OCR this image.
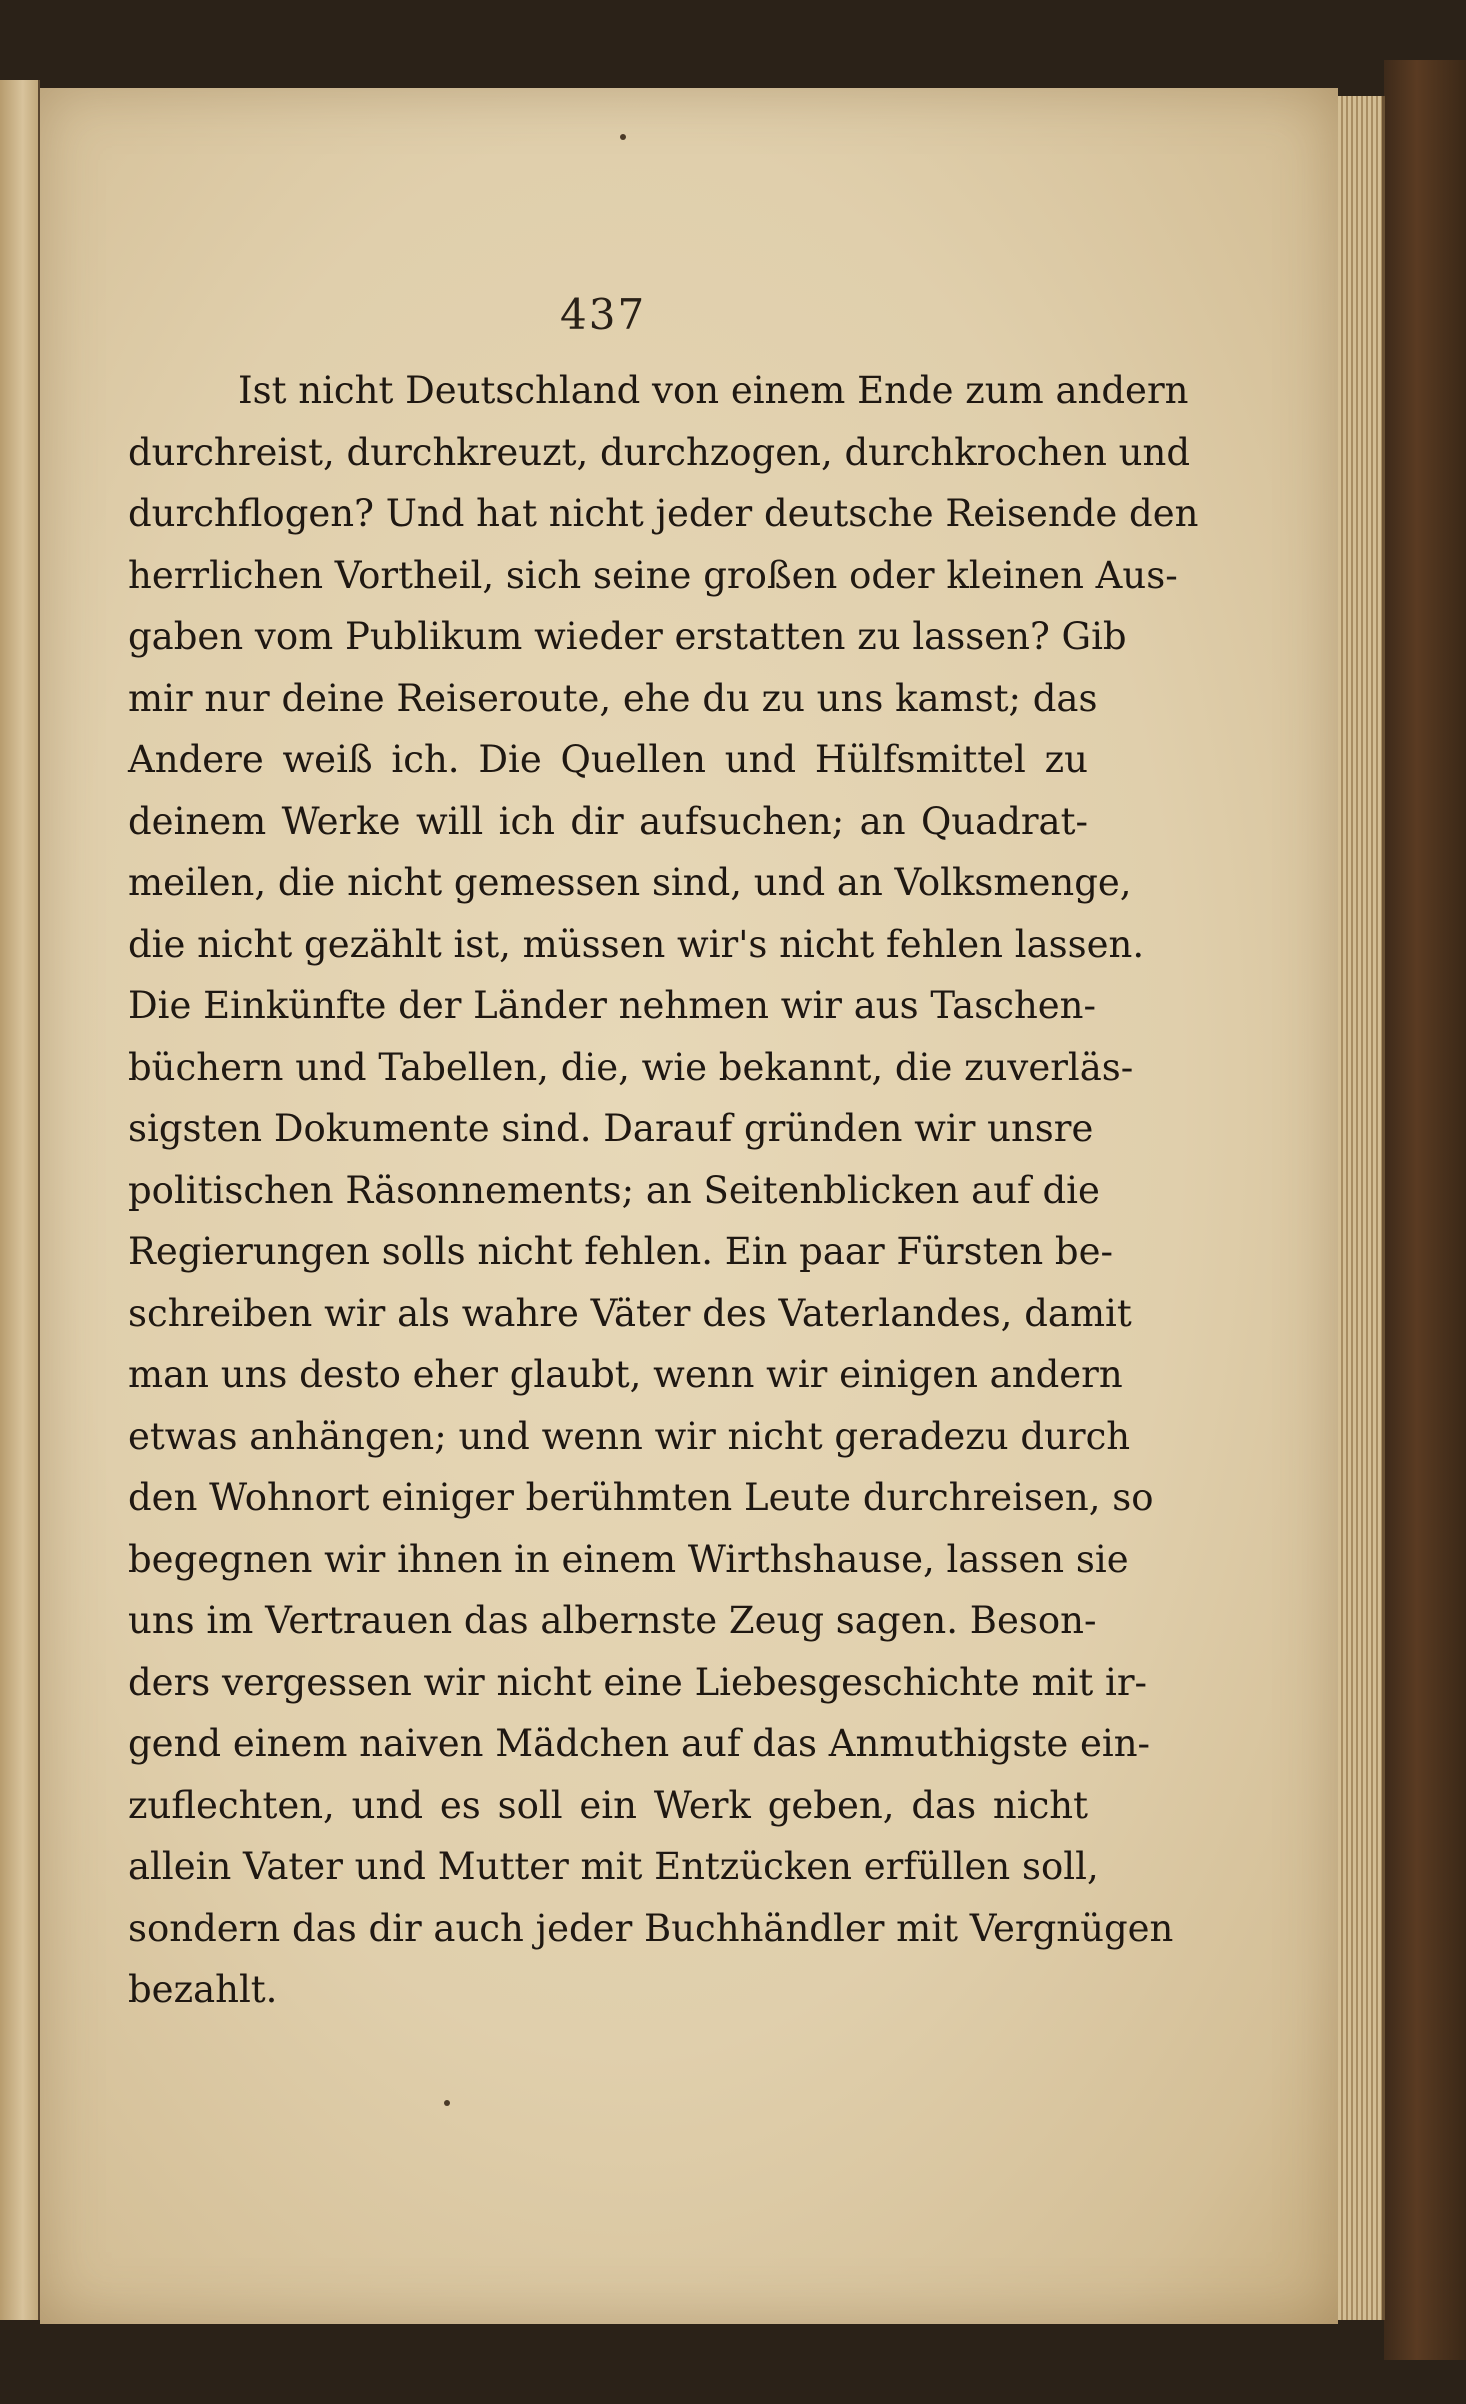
437
Ist nicht Deutschland von einem Ende zum andern
durchreist, durchkreuzt, durchzogen, durchkrochen und
durchflogen? Und hat nicht jeder deutsche Reisende den
herrlichen Vortheil, sich seine großen oder kleinen Aus-
gaben vom Publikum wieder erstatten zu lassen? Gib
mir nur deine Reiseroute, ehe du zu uns kamst; das
Andere weiß ich. Die Quellen und Hülfsmittel zu
deinem Werke will ich dir aufsuchen; an Quadrat-
meilen, die nicht gemessen sind, und an Volksmenge,
die nicht gezählt ist, müssen wir's nicht fehlen lassen.
Die Einkünfte der Länder nehmen wir aus Taschen-
büchern und Tabellen, die, wie bekannt, die zuverläs-
sigsten Dokumente sind. Darauf gründen wir unsre
politischen Räsonnements; an Seitenblicken auf die
Regierungen solls nicht fehlen. Ein paar Fürsten be-
schreiben wir als wahre Väter des Vaterlandes, damit
man uns desto eher glaubt, wenn wir einigen andern
etwas anhängen; und wenn wir nicht geradezu durch
den Wohnort einiger berühmten Leute durchreisen, so
begegnen wir ihnen in einem Wirthshause, lassen sie
uns im Vertrauen das albernste Zeug sagen. Beson-
ders vergessen wir nicht eine Liebesgeschichte mit ir-
gend einem naiven Mädchen auf das Anmuthigste ein-
zuflechten, und es soll ein Werk geben, das nicht
allein Vater und Mutter mit Entzücken erfüllen soll,
sondern das dir auch jeder Buchhändler mit Vergnügen
bezahlt.
